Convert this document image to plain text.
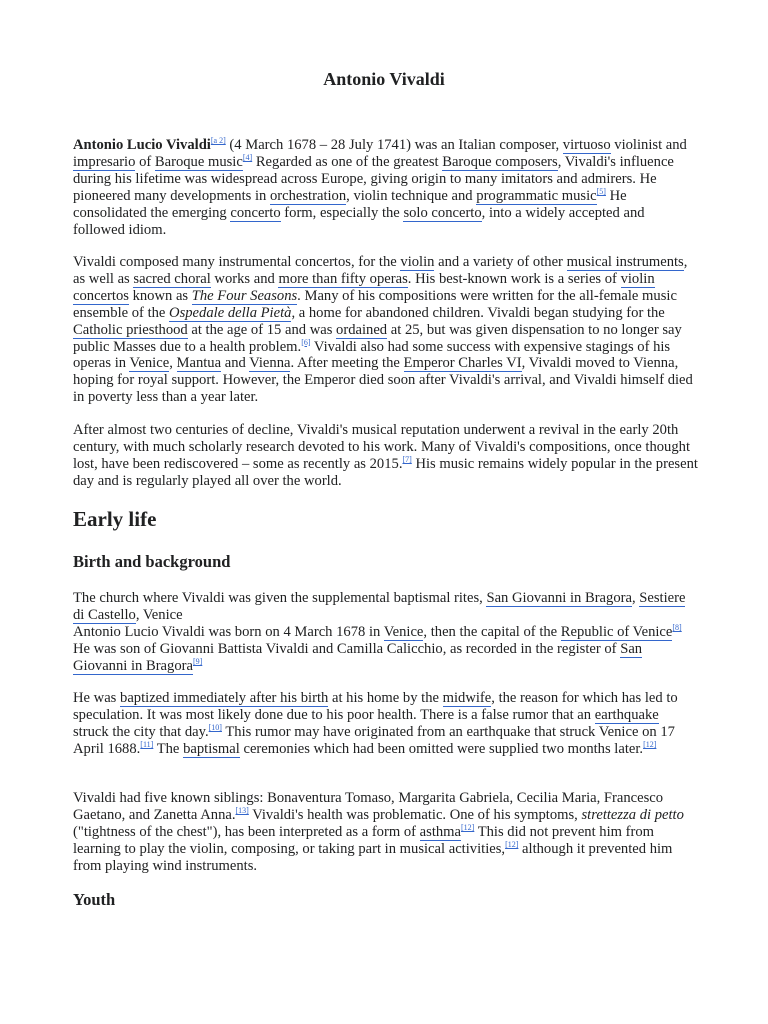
Antonio Vivaldi

Antonio Lucio Vivaldi[a 2] (4 March 1678 – 28 July 1741) was an Italian composer, virtuoso violinist and impresario of Baroque music[4] Regarded as one of the greatest Baroque composers, Vivaldi's influence during his lifetime was widespread across Europe, giving origin to many imitators and admirers. He pioneered many developments in orchestration, violin technique and programmatic music[5] He consolidated the emerging concerto form, especially the solo concerto, into a widely accepted and followed idiom.

Vivaldi composed many instrumental concertos, for the violin and a variety of other musical instruments, as well as sacred choral works and more than fifty operas. His best-known work is a series of violin concertos known as The Four Seasons. Many of his compositions were written for the all-female music ensemble of the Ospedale della Pietà, a home for abandoned children. Vivaldi began studying for the Catholic priesthood at the age of 15 and was ordained at 25, but was given dispensation to no longer say public Masses due to a health problem.[6] Vivaldi also had some success with expensive stagings of his operas in Venice, Mantua and Vienna. After meeting the Emperor Charles VI, Vivaldi moved to Vienna, hoping for royal support. However, the Emperor died soon after Vivaldi's arrival, and Vivaldi himself died in poverty less than a year later.

After almost two centuries of decline, Vivaldi's musical reputation underwent a revival in the early 20th century, with much scholarly research devoted to his work. Many of Vivaldi's compositions, once thought lost, have been rediscovered – some as recently as 2015.[7] His music remains widely popular in the present day and is regularly played all over the world.

Early life
Birth and background

The church where Vivaldi was given the supplemental baptismal rites, San Giovanni in Bragora, Sestiere di Castello, Venice
Antonio Lucio Vivaldi was born on 4 March 1678 in Venice, then the capital of the Republic of Venice[8] He was son of Giovanni Battista Vivaldi and Camilla Calicchio, as recorded in the register of San Giovanni in Bragora[9]

He was baptized immediately after his birth at his home by the midwife, the reason for which has led to speculation. It was most likely done due to his poor health. There is a false rumor that an earthquake struck the city that day.[10] This rumor may have originated from an earthquake that struck Venice on 17 April 1688.[11] The baptismal ceremonies which had been omitted were supplied two months later.[12]

Vivaldi had five known siblings: Bonaventura Tomaso, Margarita Gabriela, Cecilia Maria, Francesco Gaetano, and Zanetta Anna.[13] Vivaldi's health was problematic. One of his symptoms, strettezza di petto ("tightness of the chest"), has been interpreted as a form of asthma[12] This did not prevent him from learning to play the violin, composing, or taking part in musical activities,[12] although it prevented him from playing wind instruments.

Youth
